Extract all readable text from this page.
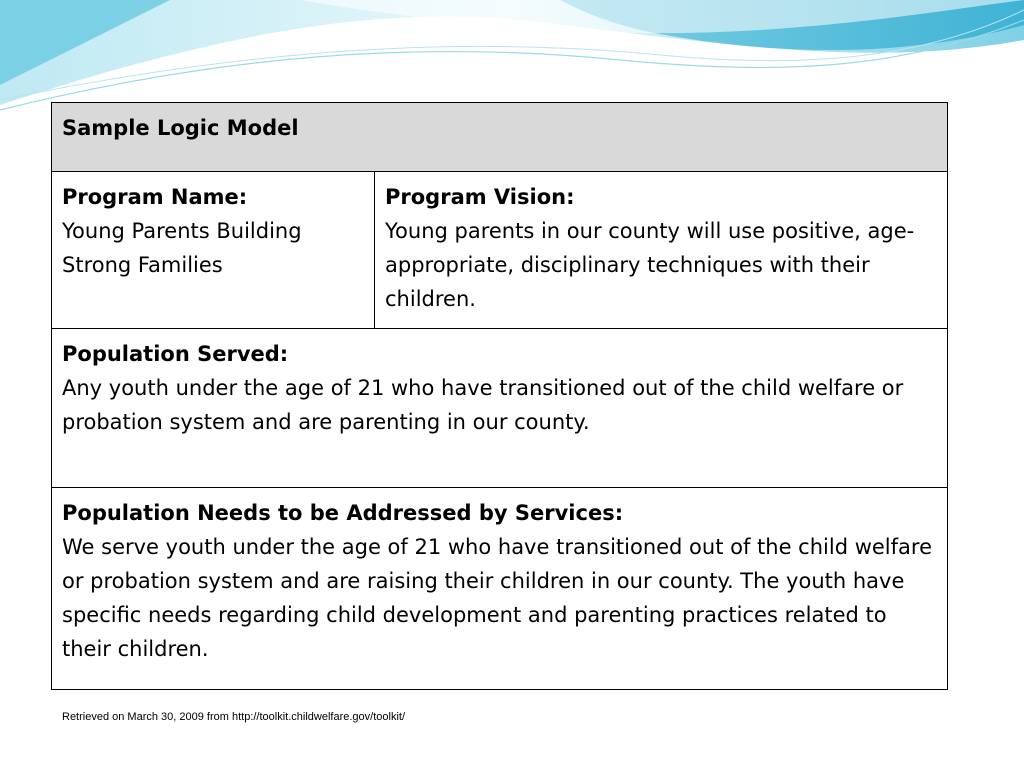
Sample Logic Model

Program Name:
Young Parents Building Strong Families

Program Vision:
Young parents in our county will use positive, age-appropriate, disciplinary techniques with their children.

Population Served:
Any youth under the age of 21 who have transitioned out of the child welfare or probation system and are parenting in our county.

Population Needs to be Addressed by Services:
We serve youth under the age of 21 who have transitioned out of the child welfare or probation system and are raising their children in our county. The youth have specific needs regarding child development and parenting practices related to their children.
Retrieved on March 30, 2009 from http://toolkit.childwelfare.gov/toolkit/
